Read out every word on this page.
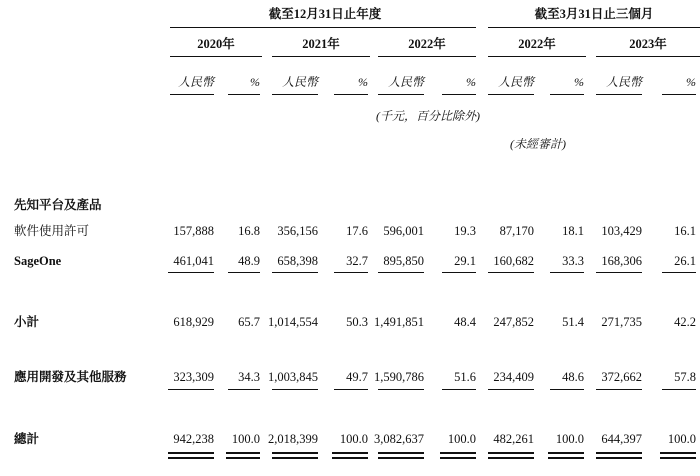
截至12月31日止年度	截至3月31日止三個月
2020年	2021年	2022年	2022年	2023年
人民幣	%	人民幣	%	人民幣	%	人民幣	%	人民幣	%
(千元，百分比除外)
(未經審計)
先知平台及產品
軟件使用許可	157,888	16.8	356,156	17.6	596,001	19.3	87,170	18.1	103,429	16.1
SageOne	461,041	48.9	658,398	32.7	895,850	29.1	160,682	33.3	168,306	26.1
小計	618,929	65.7 1,014,554	50.3 1,491,851	48.4	247,852	51.4	271,735	42.2
應用開發及其他服務	323,309	34.3 1,003,845	49.7 1,590,786	51.6	234,409	48.6	372,662	57.8
總計	942,238	100.0 2,018,399	100.0 3,082,637	100.0	482,261	100.0	644,397	100.0
